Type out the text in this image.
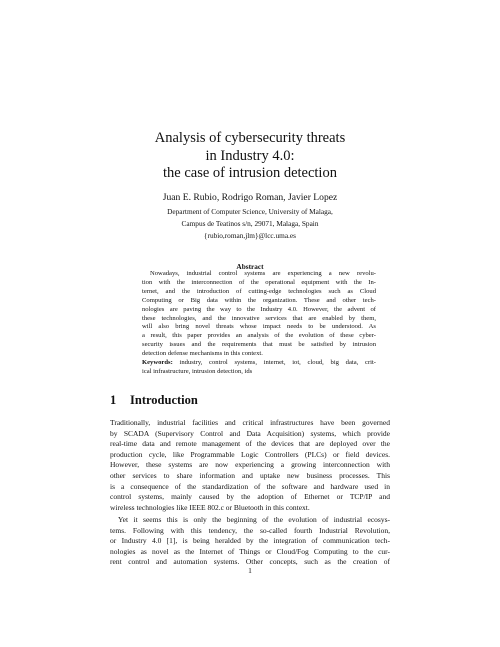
Analysis of cybersecurity threats
in Industry 4.0:
the case of intrusion detection
Juan E. Rubio, Rodrigo Roman, Javier Lopez
Department of Computer Science, University of Malaga,
Campus de Teatinos s/n, 29071, Malaga, Spain
{rubio,roman,jlm}@lcc.uma.es
Abstract
Nowadays, industrial control systems are experiencing a new revolu-
tion with the interconnection of the operational equipment with the In-
ternet, and the introduction of cutting-edge technologies such as Cloud
Computing or Big data within the organization. These and other tech-
nologies are paving the way to the Industry 4.0. However, the advent of
these technologies, and the innovative services that are enabled by them,
will also bring novel threats whose impact needs to be understood. As
a result, this paper provides an analysis of the evolution of these cyber-
security issues and the requirements that must be satisfied by intrusion
detection defense mechanisms in this context.
Keywords: industry, control systems, internet, iot, cloud, big data, crit-
ical infrastructure, intrusion detection, ids
1 Introduction
Traditionally, industrial facilities and critical infrastructures have been governed
by SCADA (Supervisory Control and Data Acquisition) systems, which provide
real-time data and remote management of the devices that are deployed over the
production cycle, like Programmable Logic Controllers (PLCs) or field devices.
However, these systems are now experiencing a growing interconnection with
other services to share information and uptake new business processes. This
is a consequence of the standardization of the software and hardware used in
control systems, mainly caused by the adoption of Ethernet or TCP/IP and
wireless technologies like IEEE 802.c or Bluetooth in this context.
Yet it seems this is only the beginning of the evolution of industrial ecosys-
tems. Following with this tendency, the so-called fourth Industrial Revolution,
or Industry 4.0 [1], is being heralded by the integration of communication tech-
nologies as novel as the Internet of Things or Cloud/Fog Computing to the cur-
rent control and automation systems. Other concepts, such as the creation of
1
